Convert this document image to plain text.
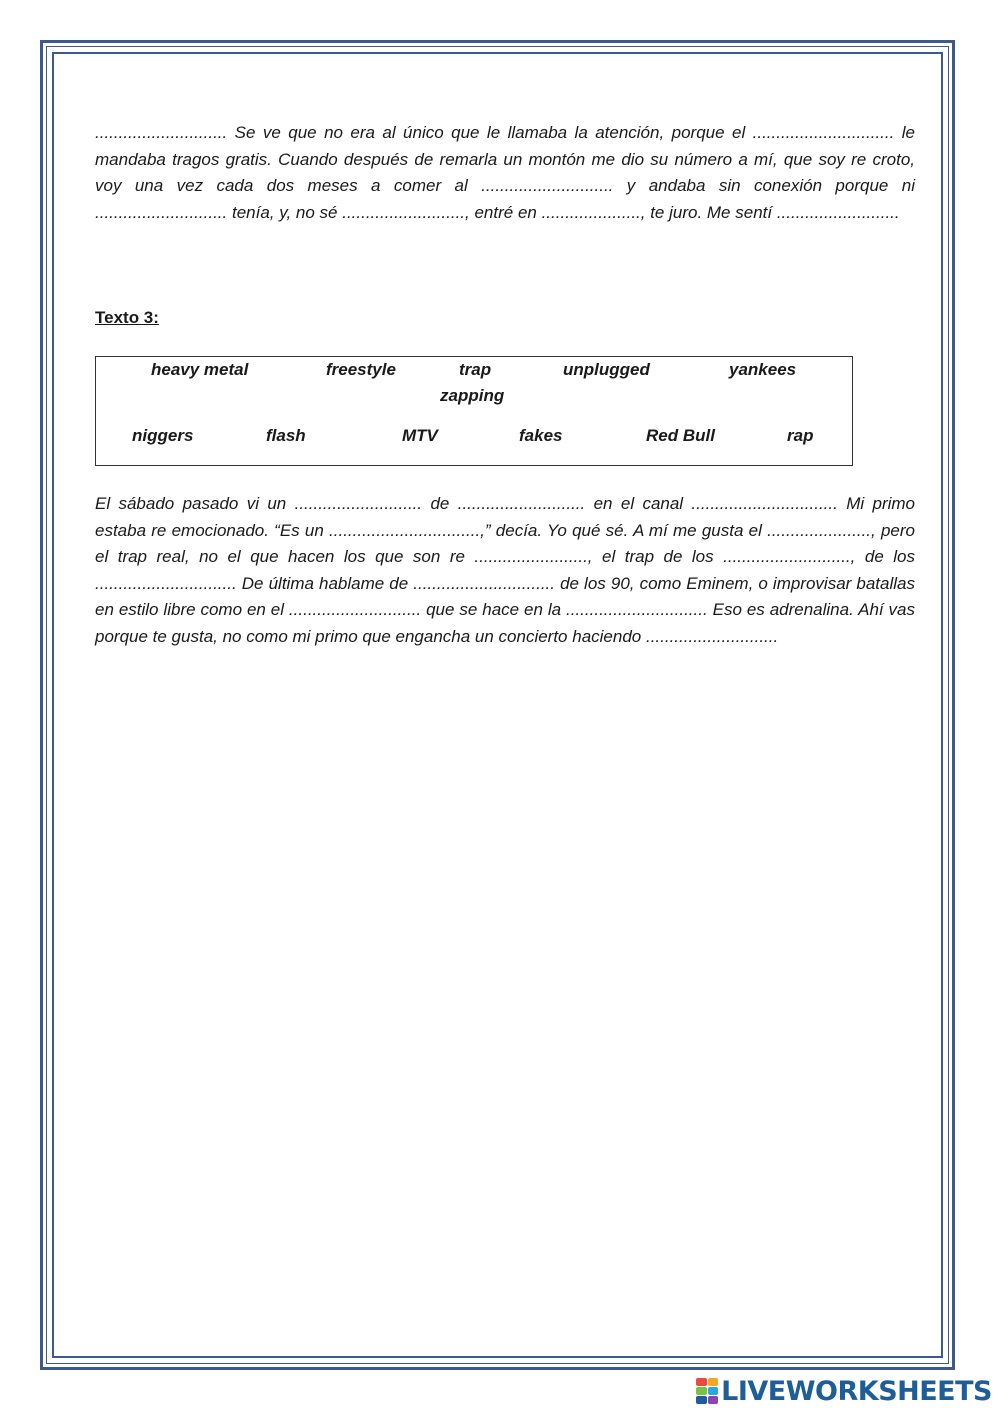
............................ Se ve que no era al único que le llamaba la atención, porque el .............................. le mandaba tragos gratis. Cuando después de remarla un montón me dio su número a mí, que soy re croto, voy una vez cada dos meses a comer al ............................ y andaba sin conexión porque ni ............................ tenía, y, no sé .........................., entré en ....................., te juro. Me sentí ..........................

Texto 3:

heavy metal	freestyle	trap	unplugged	yankees
zapping
niggers	flash	MTV	fakes	Red Bull	rap

El sábado pasado vi un ........................... de ........................... en el canal ............................... Mi primo estaba re emocionado. “Es un ................................,” decía. Yo qué sé. A mí me gusta el ......................, pero el trap real, no el que hacen los que son re ........................, el trap de los ..........................., de los .............................. De última hablame de .............................. de los 90, como Eminem, o improvisar batallas en estilo libre como en el ............................ que se hace en la .............................. Eso es adrenalina. Ahí vas porque te gusta, no como mi primo que engancha un concierto haciendo ............................

LIVEWORKSHEETS
